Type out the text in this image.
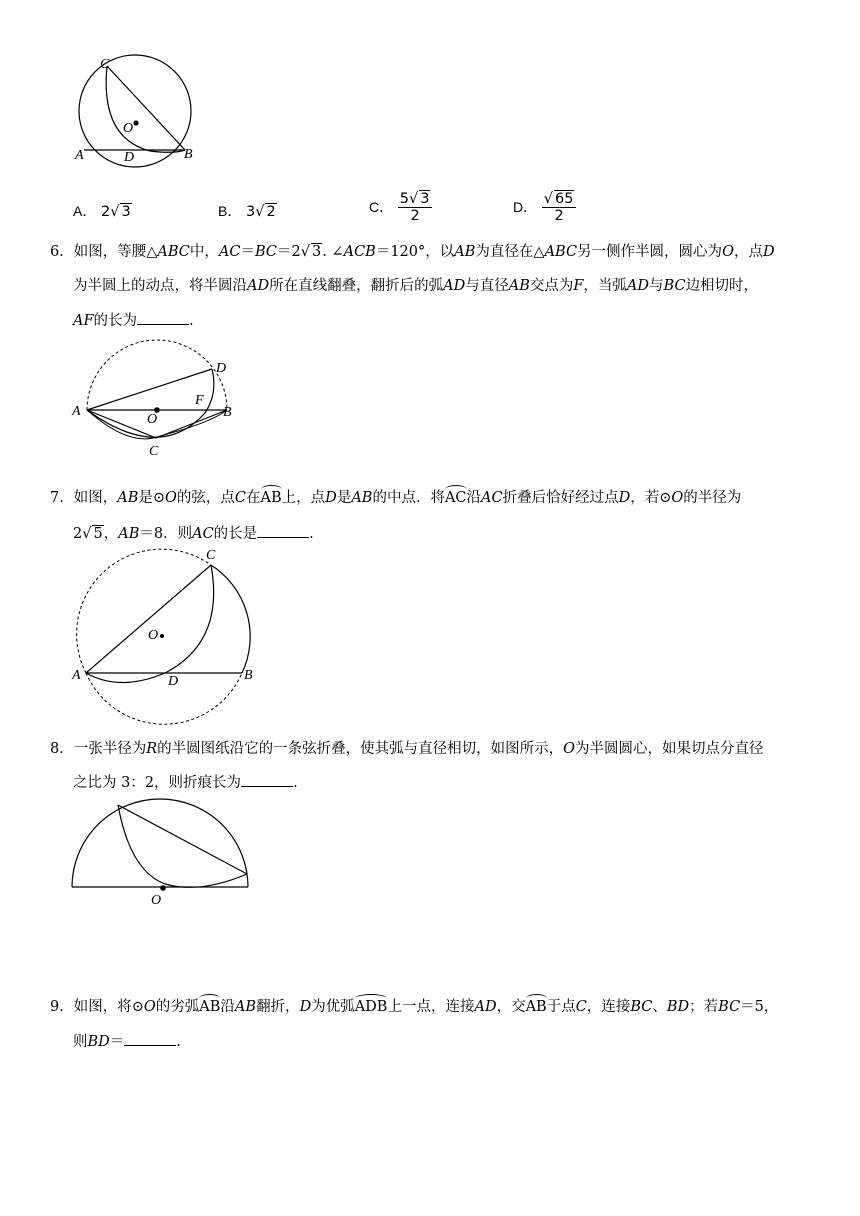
C
O
A	D	B
A． 2√ 3	B． 3√ 2	C． $\frac{5√ 3}{2}$	D． $\frac{√ 65}{2}$
6．如图，等腰△ABC中，AC＝BC＝2√ 3. ∠ACB＝120°，以AB为直径在△ABC另一侧作半圆，圆心为O，点D
为半圆上的动点，将半圆沿AD所在直线翻叠，翻折后的弧AD与直径AB交点为F，当弧AD与BC边相切时，
AF的长为	.
D
A
O
F
B
C
7．如图，AB是⊙O的弦，点C在AB上，点D是AB的中点．将AC沿AC折叠后恰好经过点D，若⊙O的半径为
2√ 5，AB＝8．则AC的长是	.
C
O
A	D	B
8．一张半径为R的半圆图纸沿它的一条弦折叠，使其弧与直径相切，如图所示，O为半圆圆心，如果切点分直径
之比为 3：2，则折痕长为	.
O
9．如图，将⊙O的劣弧AB沿AB翻折，D为优弧ADB上一点，连接AD，交AB于点C，连接BC、BD；若BC＝5，
则BD＝	.
